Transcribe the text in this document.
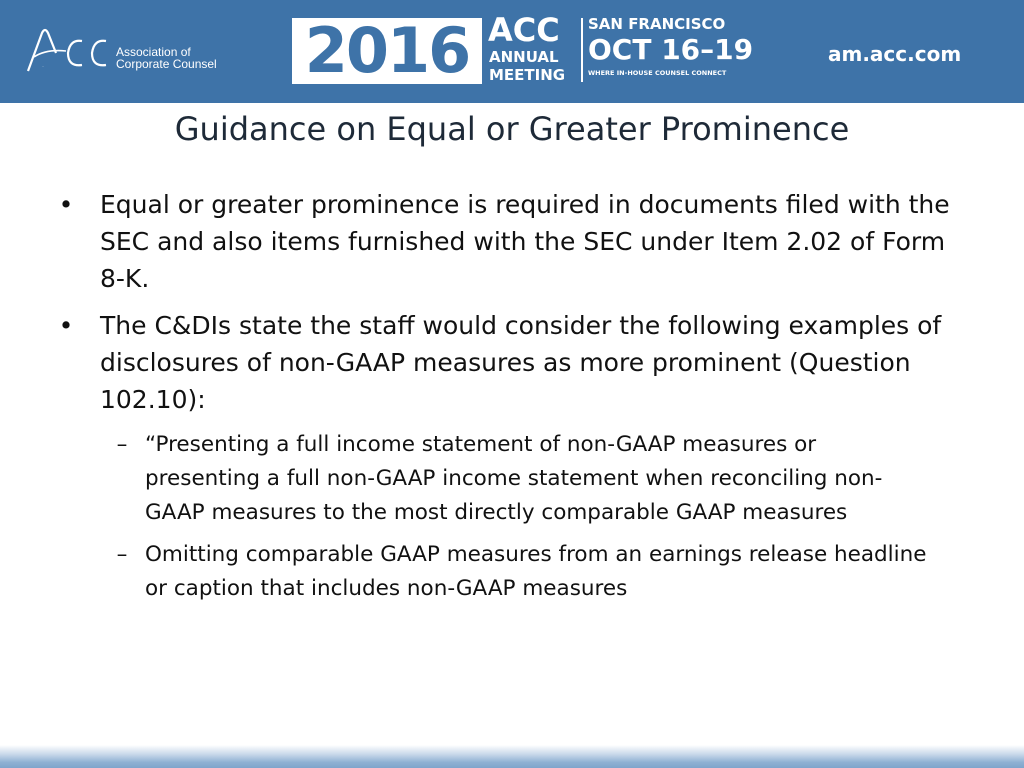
ACC
Association of
Corporate Counsel	2016 ACC
ANNUAL
MEETING
SAN FRANCISCO
OCT 16–19
WHERE IN-HOUSE COUNSEL CONNECT
am.acc.com
Guidance on Equal or Greater Prominence
• Equal or greater prominence is required in documents filed with the SEC and also items furnished with the SEC under Item 2.02 of Form 8-K.
• The C&DIs state the staff would consider the following examples of disclosures of non-GAAP measures as more prominent (Question 102.10):
– “Presenting a full income statement of non-GAAP measures or presenting a full non-GAAP income statement when reconciling non-GAAP measures to the most directly comparable GAAP measures
– Omitting comparable GAAP measures from an earnings release headline or caption that includes non-GAAP measures
